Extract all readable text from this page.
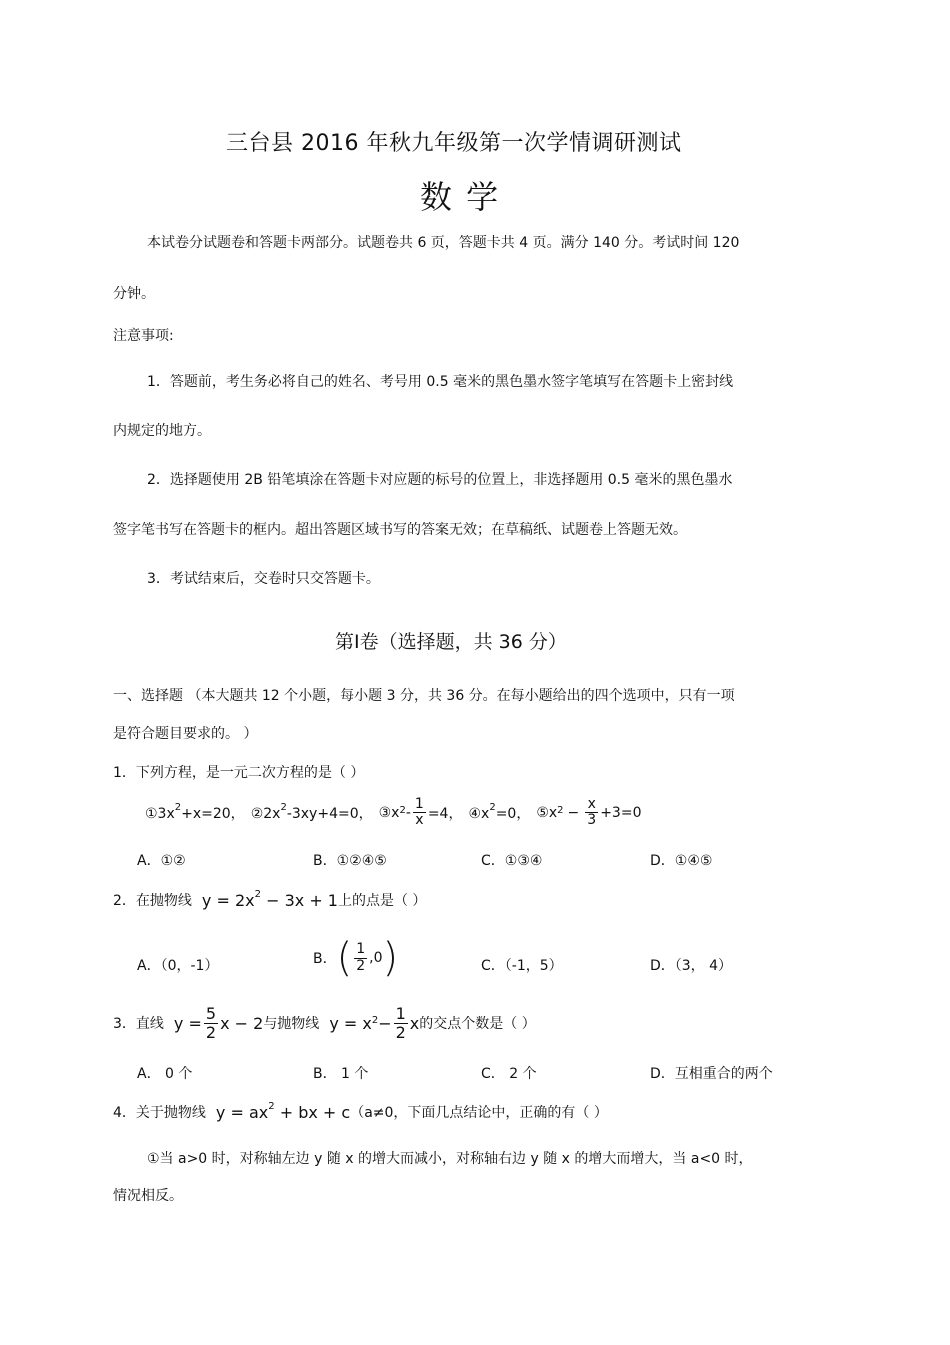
三台县 2016 年秋九年级第一次学情调研测试
数 学
本试卷分试题卷和答题卡两部分。试题卷共 6 页，答题卡共 4 页。满分 140 分。考试时间 120
分钟。
注意事项:
1．答题前，考生务必将自己的姓名、考号用 0.5 毫米的黑色墨水签字笔填写在答题卡上密封线
内规定的地方。
2．选择题使用 2B 铅笔填涂在答题卡对应题的标号的位置上，非选择题用 0.5 毫米的黑色墨水
签字笔书写在答题卡的框内。超出答题区域书写的答案无效；在草稿纸、试题卷上答题无效。
3．考试结束后，交卷时只交答题卡。
第Ⅰ卷（选择题，共 36 分）
一、选择题 （本大题共 12 个小题，每小题 3 分，共 36 分。在每小题给出的四个选项中，只有一项
是符合题目要求的。 ）
1．下列方程，是一元二次方程的是（ ）
$①3x^2+x=20$， $②2x^2-3xy+4=0$， $③x^2 - \frac{1}{x} =4$， $④x^2=0$， $⑤x^2 - \frac{x}{3} +3=0$
A．①②	B．①②④⑤	C．①③④	D．①④⑤
2．在抛物线 $y = 2x^2 - 3x + 1$ 上的点是（ ）
A．（0，-1）	B． ( $\frac{1}{2} ,0$ )	C．（-1，5）	D．（3， 4）
3．直线 $y = \frac{5}{2}$ x − 2 与抛物线 $y = x^2 - \frac{1}{2}$ x 的交点个数是（ ）
A． 0 个	B． 1 个	C． 2 个	D．互相重合的两个
4．关于抛物线 $y = ax^2$ + bx + c （a≠0，下面几点结论中，正确的有（ ）
①当 a>0 时，对称轴左边 y 随 x 的增大而减小，对称轴右边 y 随 x 的增大而增大，当 a<0 时，
情况相反。
